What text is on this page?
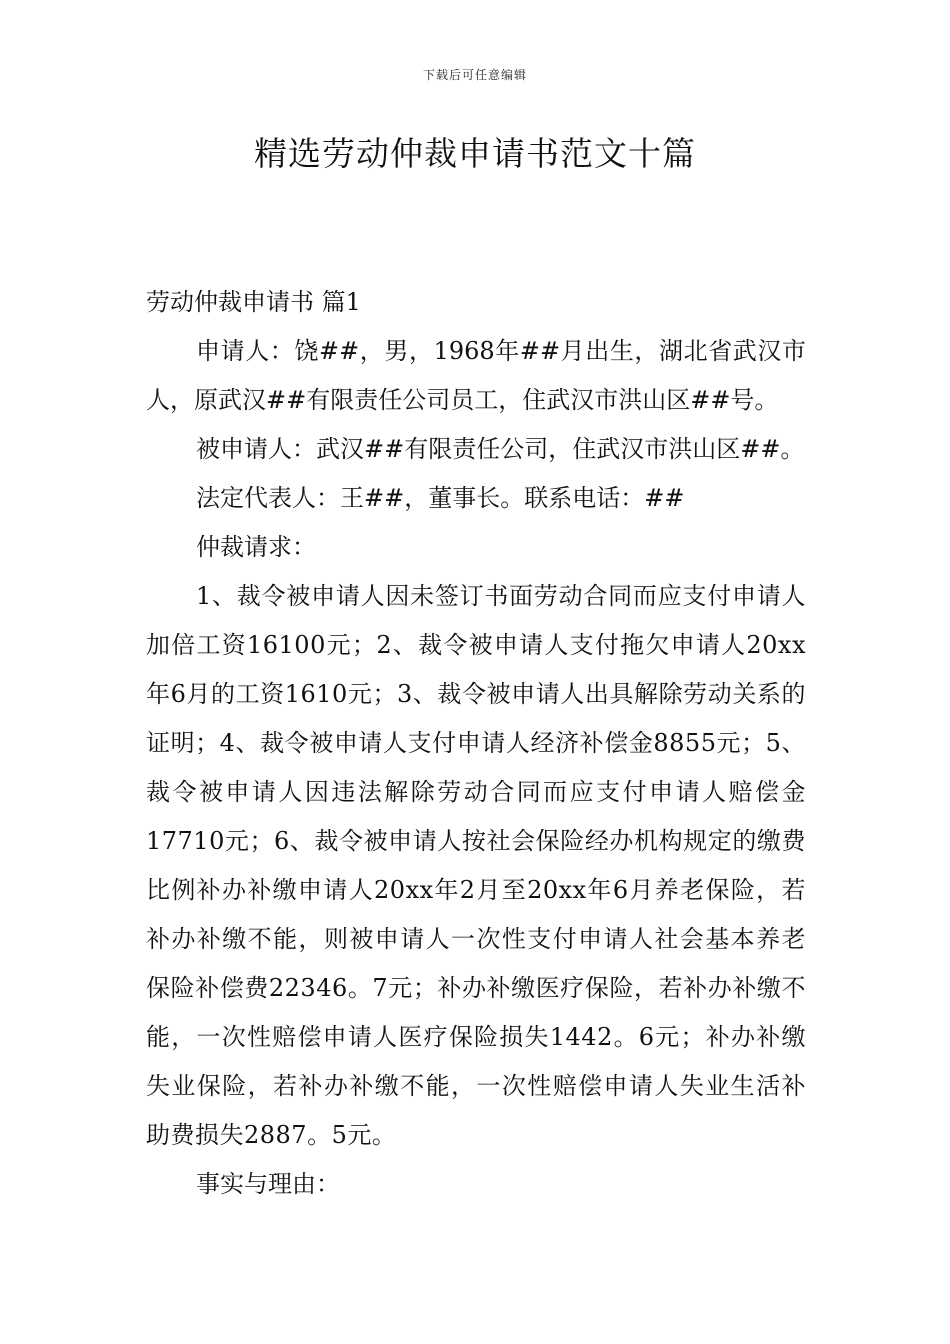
下载后可任意编辑
精选劳动仲裁申请书范文十篇

劳动仲裁申请书 篇1

申请人：饶##，男，1968年##月出生，湖北省武汉市人，原武汉##有限责任公司员工，住武汉市洪山区##号。

被申请人：武汉##有限责任公司，住武汉市洪山区##。

法定代表人：王##，董事长。联系电话：##

仲裁请求：

1、裁令被申请人因未签订书面劳动合同而应支付申请人加倍工资16100元；2、裁令被申请人支付拖欠申请人20xx年6月的工资1610元；3、裁令被申请人出具解除劳动关系的证明；4、裁令被申请人支付申请人经济补偿金8855元；5、裁令被申请人因违法解除劳动合同而应支付申请人赔偿金17710元；6、裁令被申请人按社会保险经办机构规定的缴费比例补办补缴申请人20xx年2月至20xx年6月养老保险，若补办补缴不能，则被申请人一次性支付申请人社会基本养老保险补偿费22346。7元；补办补缴医疗保险，若补办补缴不能，一次性赔偿申请人医疗保险损失1442。6元；补办补缴失业保险，若补办补缴不能，一次性赔偿申请人失业生活补助费损失2887。5元。

事实与理由：
